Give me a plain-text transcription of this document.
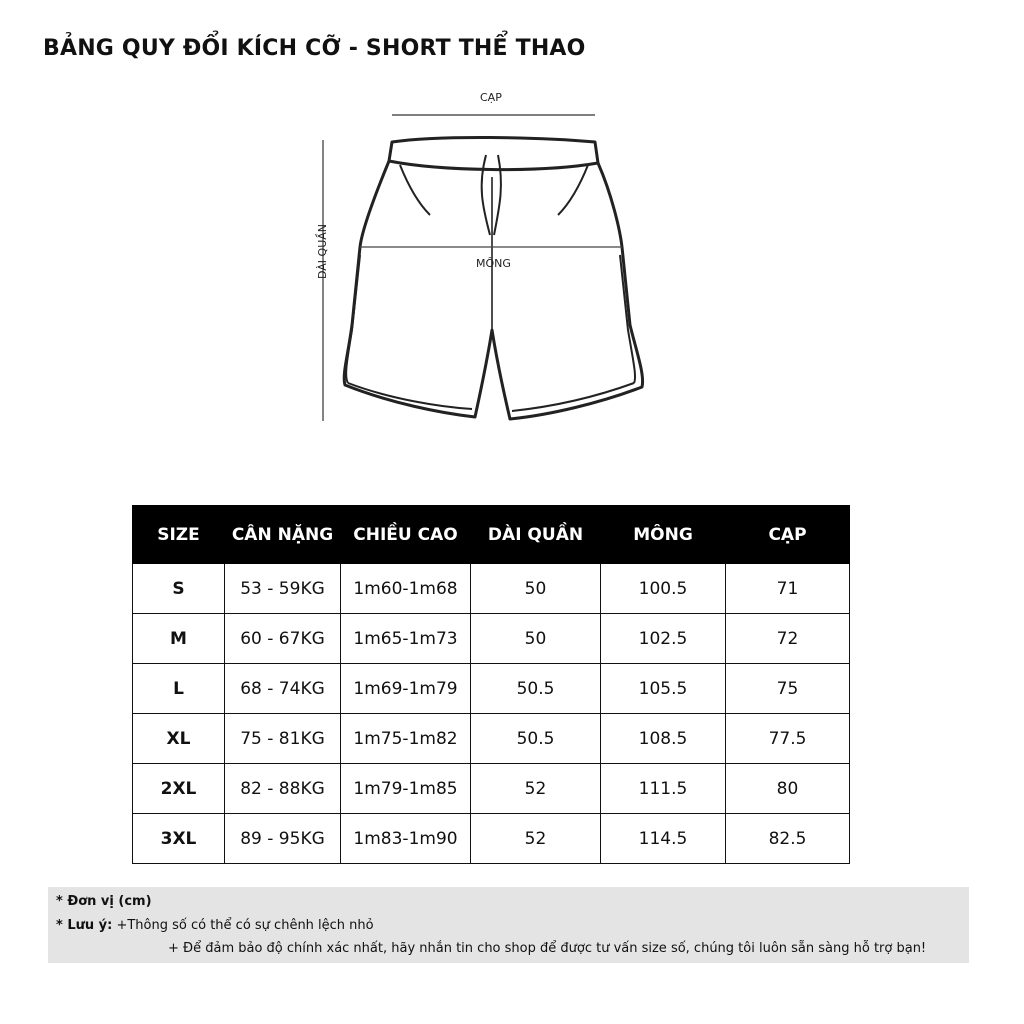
BẢNG QUY ĐỔI KÍCH CỠ - SHORT THỂ THAO
CẠP
MÔNG
DÀI QUẦN
SIZE	CÂN NẶNG	CHIỀU CAO	DÀI QUẦN	MÔNG	CẠP
S	53 - 59KG	1m60-1m68	50	100.5	71
M	60 - 67KG	1m65-1m73	50	102.5	72
L	68 - 74KG	1m69-1m79	50.5	105.5	75
XL	75 - 81KG	1m75-1m82	50.5	108.5	77.5
2XL	82 - 88KG	1m79-1m85	52	111.5	80
3XL	89 - 95KG	1m83-1m90	52	114.5	82.5
* Đơn vị (cm)
* Lưu ý: +Thông số có thể có sự chênh lệch nhỏ
+ Để đảm bảo độ chính xác nhất, hãy nhắn tin cho shop để được tư vấn size số, chúng tôi luôn sẵn sàng hỗ trợ bạn!
